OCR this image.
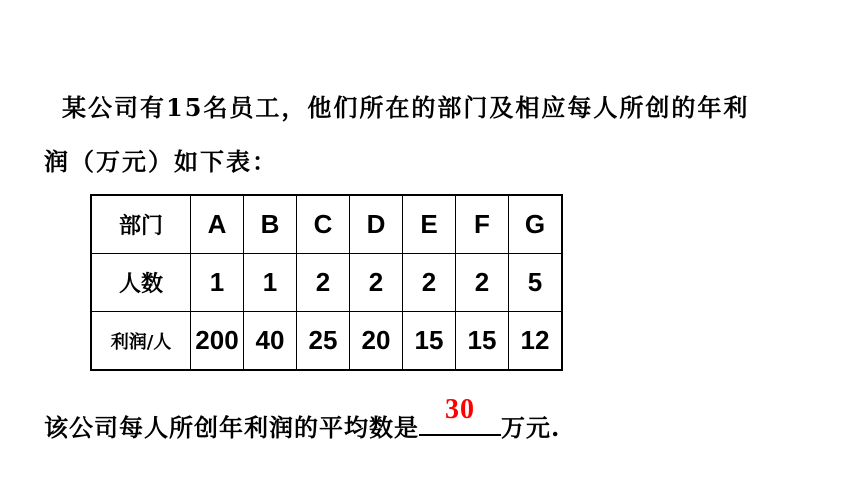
某公司有15名员工，他们所在的部门及相应每人所创的年利
润（万元）如下表：
部门	A	B	C	D	E	F	G
人数	1	1	2	2	2	2	5
利润/人	200	40	25	20	15	15	12
该公司每人所创年利润的平均数是
30
万元.
